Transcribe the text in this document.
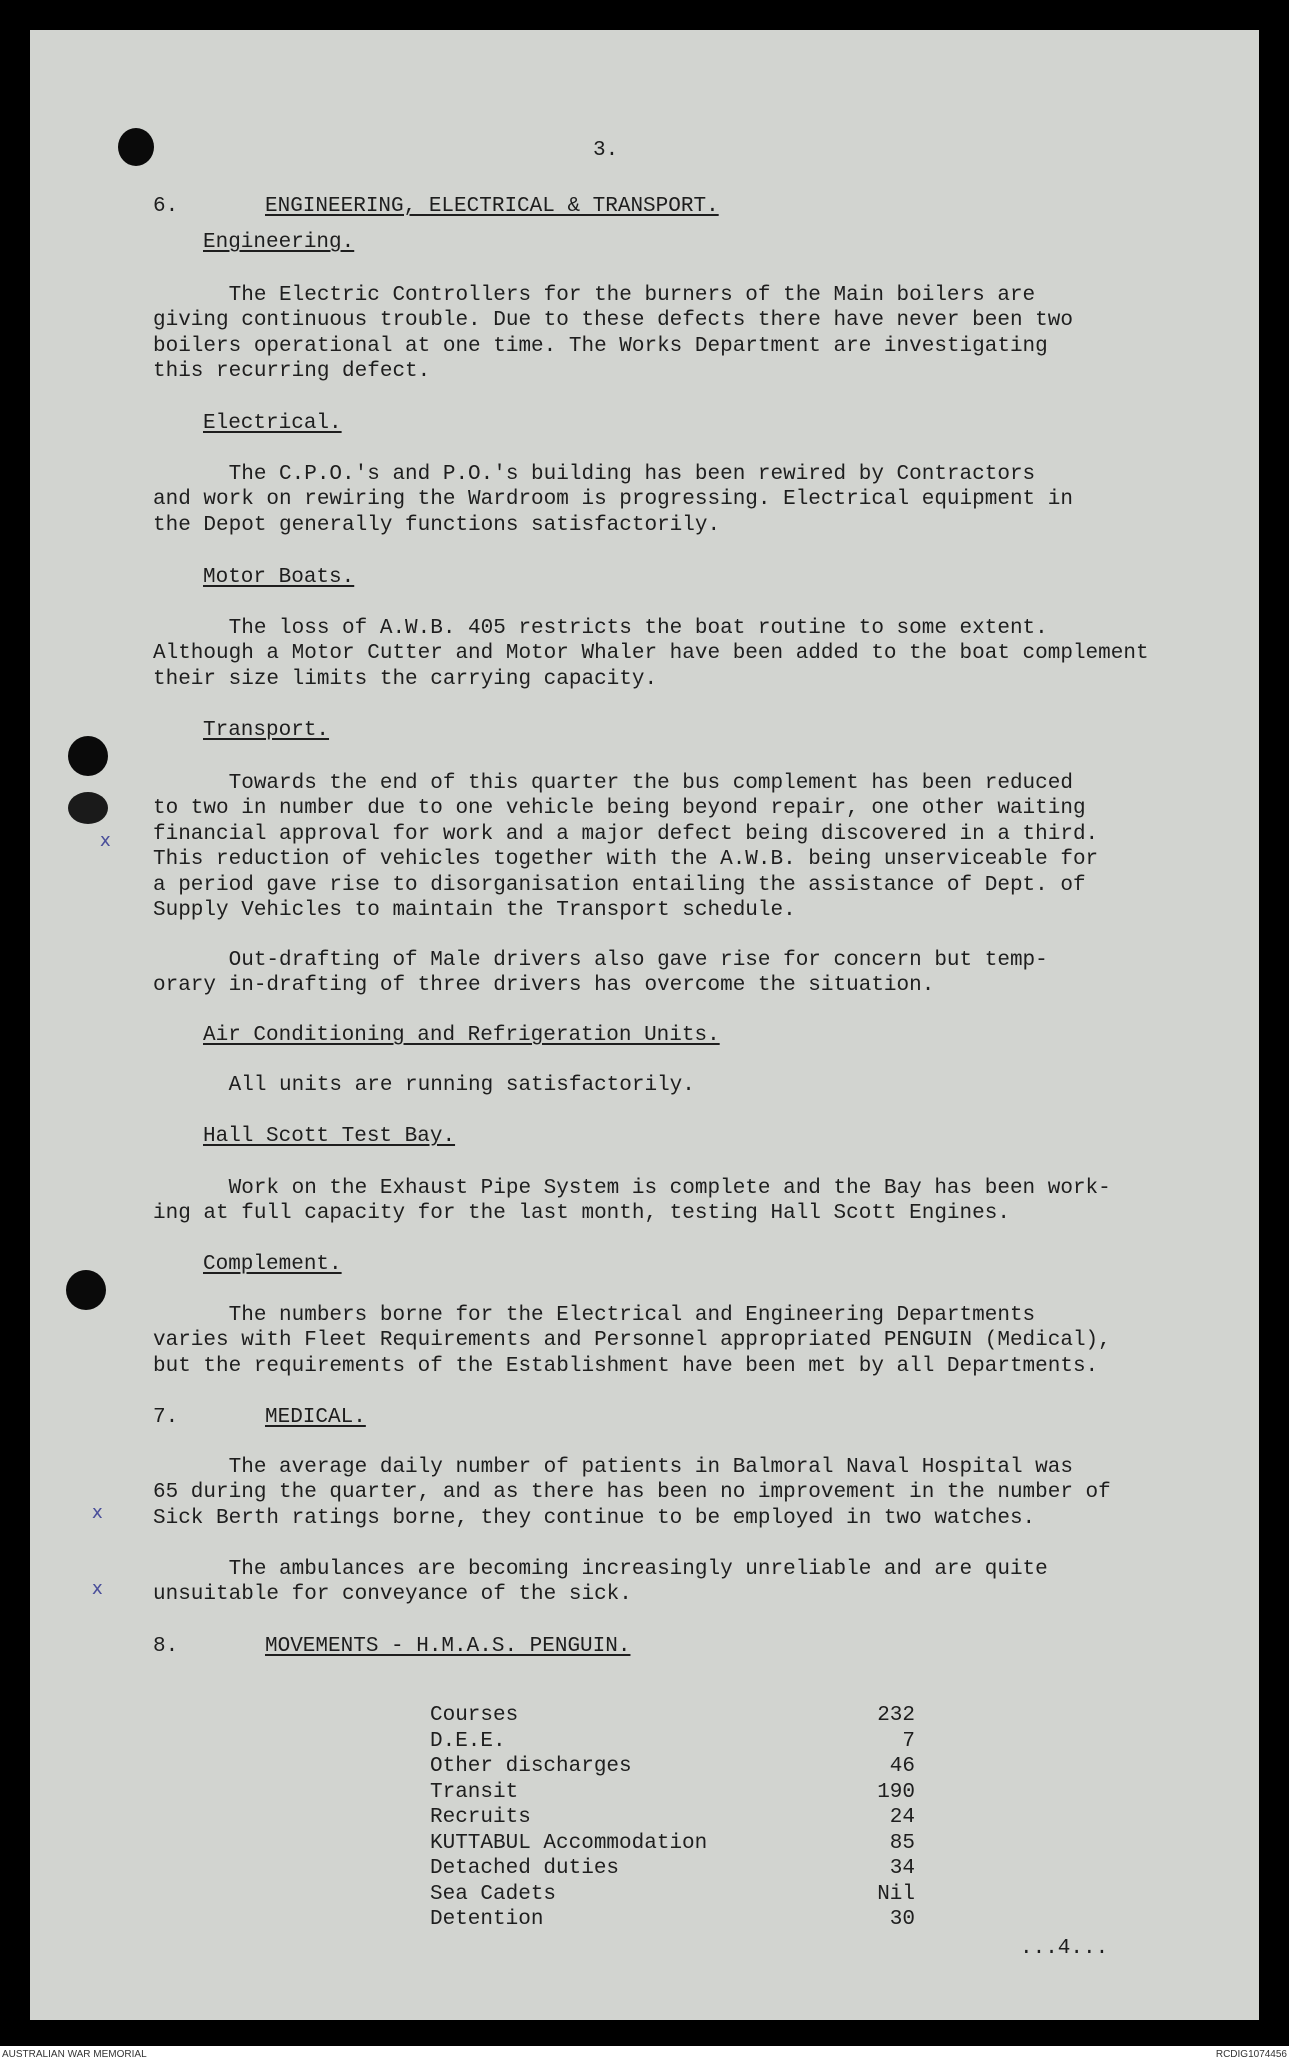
x
x
x
3.
6.	ENGINEERING, ELECTRICAL & TRANSPORT.
Engineering.
The Electric Controllers for the burners of the Main boilers are
giving continuous trouble. Due to these defects there have never been two
boilers operational at one time. The Works Department are investigating
this recurring defect.
Electrical.
The C.P.O.'s and P.O.'s building has been rewired by Contractors
and work on rewiring the Wardroom is progressing. Electrical equipment in
the Depot generally functions satisfactorily.
Motor Boats.
The loss of A.W.B. 405 restricts the boat routine to some extent.
Although a Motor Cutter and Motor Whaler have been added to the boat complement
their size limits the carrying capacity.
Transport.
Towards the end of this quarter the bus complement has been reduced
to two in number due to one vehicle being beyond repair, one other waiting
financial approval for work and a major defect being discovered in a third.
This reduction of vehicles together with the A.W.B. being unserviceable for
a period gave rise to disorganisation entailing the assistance of Dept. of
Supply Vehicles to maintain the Transport schedule.
Out-drafting of Male drivers also gave rise for concern but temp-
orary in-drafting of three drivers has overcome the situation.
Air Conditioning and Refrigeration Units.
All units are running satisfactorily.
Hall Scott Test Bay.
Work on the Exhaust Pipe System is complete and the Bay has been work-
ing at full capacity for the last month, testing Hall Scott Engines.
Complement.
The numbers borne for the Electrical and Engineering Departments
varies with Fleet Requirements and Personnel appropriated PENGUIN (Medical),
but the requirements of the Establishment have been met by all Departments.
7.	MEDICAL.
The average daily number of patients in Balmoral Naval Hospital was
65 during the quarter, and as there has been no improvement in the number of
Sick Berth ratings borne, they continue to be employed in two watches.
The ambulances are becoming increasingly unreliable and are quite
unsuitable for conveyance of the sick.
8.	MOVEMENTS - H.M.A.S. PENGUIN.
Courses	232
D.E.E.	7
Other discharges	46
Transit	190
Recruits	24
KUTTABUL Accommodation	85
Detached duties	34
Sea Cadets	Nil
Detention	30
...4...
AUSTRALIAN WAR MEMORIAL	RCDIG1074456
